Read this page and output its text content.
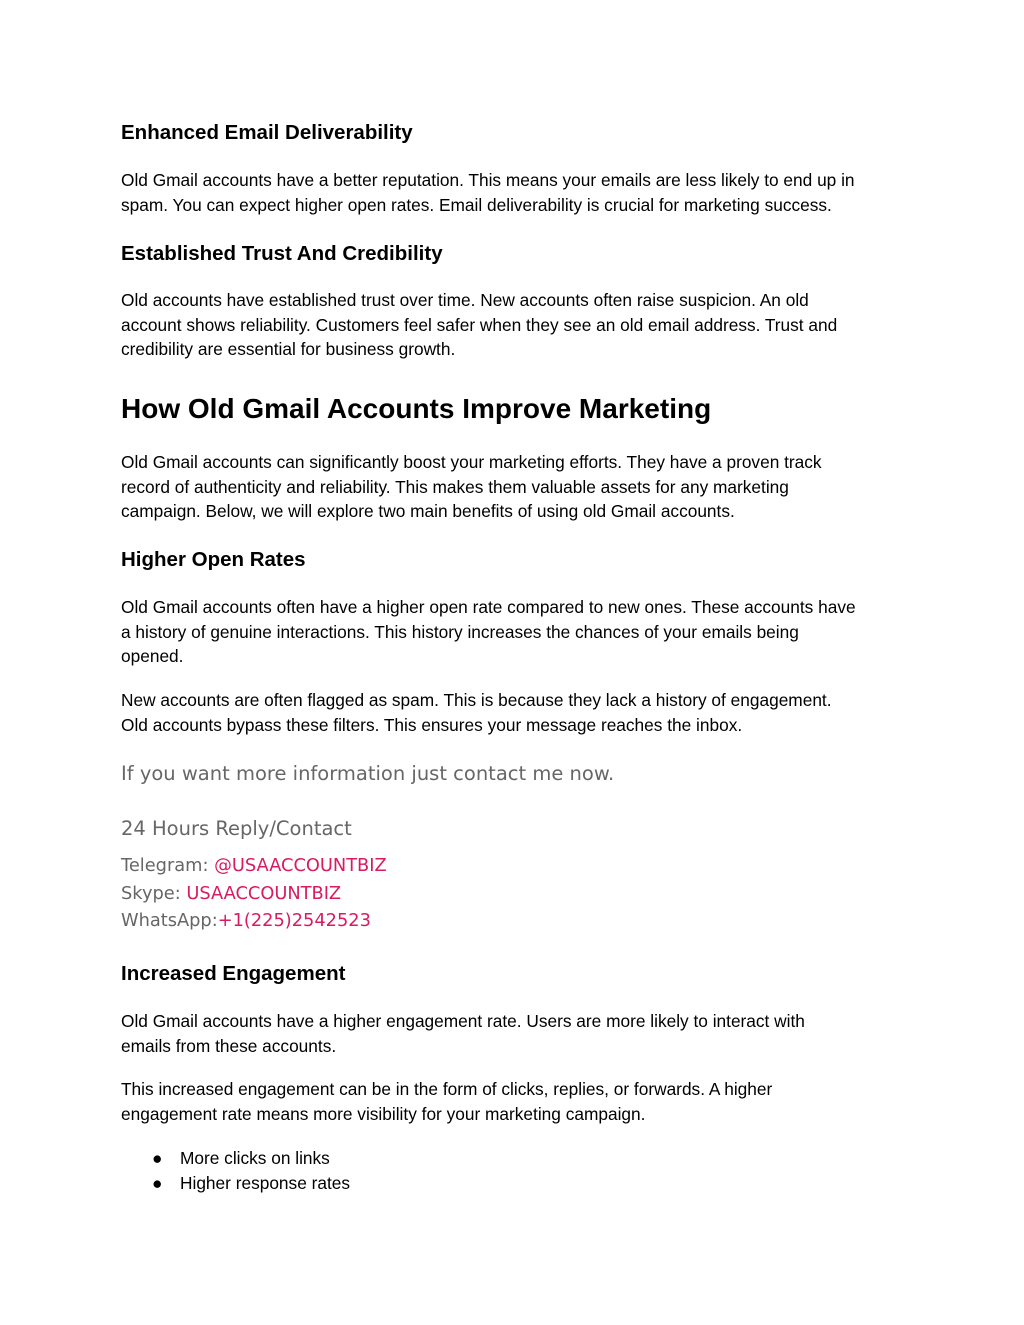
Enhanced Email Deliverability

Old Gmail accounts have a better reputation. This means your emails are less likely to end up in
spam. You can expect higher open rates. Email deliverability is crucial for marketing success.

Established Trust And Credibility

Old accounts have established trust over time. New accounts often raise suspicion. An old
account shows reliability. Customers feel safer when they see an old email address. Trust and
credibility are essential for business growth.

How Old Gmail Accounts Improve Marketing

Old Gmail accounts can significantly boost your marketing efforts. They have a proven track
record of authenticity and reliability. This makes them valuable assets for any marketing
campaign. Below, we will explore two main benefits of using old Gmail accounts.

Higher Open Rates

Old Gmail accounts often have a higher open rate compared to new ones. These accounts have
a history of genuine interactions. This history increases the chances of your emails being
opened.

New accounts are often flagged as spam. This is because they lack a history of engagement.
Old accounts bypass these filters. This ensures your message reaches the inbox.

If you want more information just contact me now.

24 Hours Reply/Contact

Telegram: @USAACCOUNTBIZ

Skype: USAACCOUNTBIZ

WhatsApp:+1(225)2542523

Increased Engagement

Old Gmail accounts have a higher engagement rate. Users are more likely to interact with
emails from these accounts.

This increased engagement can be in the form of clicks, replies, or forwards. A higher
engagement rate means more visibility for your marketing campaign.

● More clicks on links
● Higher response rates
